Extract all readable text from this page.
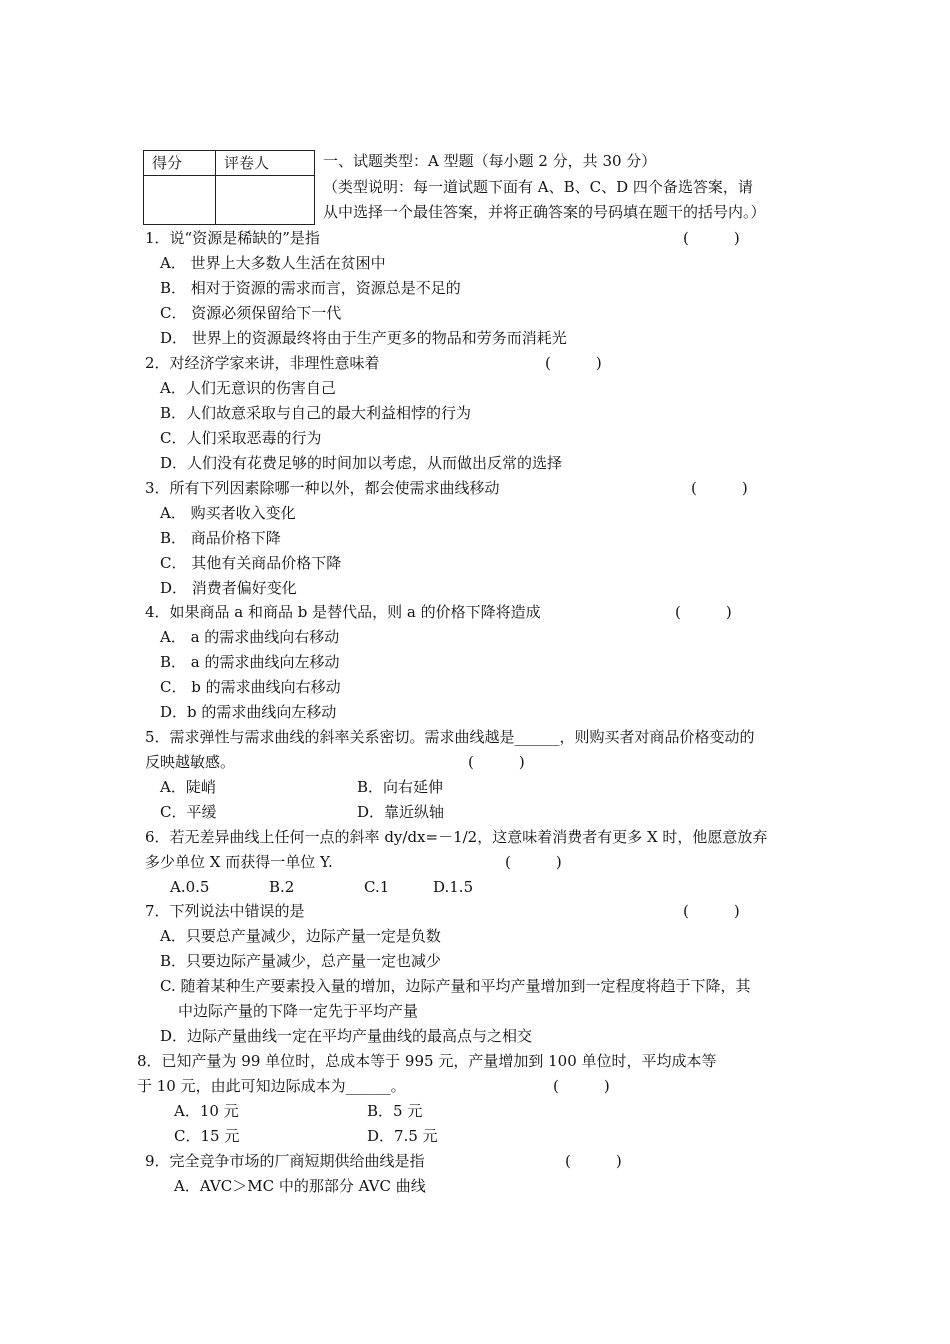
得分	评卷人
		一、试题类型：A 型题（每小题 2 分，共 30 分）
（类型说明：每一道试题下面有 A、B、C、D 四个备选答案，请
从中选择一个最佳答案，并将正确答案的号码填在题干的括号内。）
1．说“资源是稀缺的”是指	(　　　)
A． 世界上大多数人生活在贫困中
B． 相对于资源的需求而言，资源总是不足的
C． 资源必须保留给下一代
D． 世界上的资源最终将由于生产更多的物品和劳务而消耗光
2．对经济学家来讲，非理性意味着	(　　　)
A．人们无意识的伤害自己
B．人们故意采取与自己的最大利益相悖的行为
C．人们采取恶毒的行为
D．人们没有花费足够的时间加以考虑，从而做出反常的选择
3．所有下列因素除哪一种以外，都会使需求曲线移动	(　　　)
A． 购买者收入变化
B． 商品价格下降
C． 其他有关商品价格下降
D． 消费者偏好变化
4．如果商品 a 和商品 b 是替代品，则 a 的价格下降将造成	(　　　)
A． a 的需求曲线向右移动
B． a 的需求曲线向左移动
C． b 的需求曲线向右移动
D．b 的需求曲线向左移动
5．需求弹性与需求曲线的斜率关系密切。需求曲线越是______，则购买者对商品价格变动的
反映越敏感。	(　　　)
A．陡峭	B．向右延伸
C．平缓	D．靠近纵轴
6．若无差异曲线上任何一点的斜率 dy/dx=－1/2，这意味着消费者有更多 X 时，他愿意放弃
多少单位 X 而获得一单位 Y.	(　　　)
A.0.5	B.2	C.1	D.1.5
7．下列说法中错误的是	(　　　)
A．只要总产量减少，边际产量一定是负数
B．只要边际产量减少，总产量一定也减少
C. 随着某种生产要素投入量的增加，边际产量和平均产量增加到一定程度将趋于下降，其
中边际产量的下降一定先于平均产量
D．边际产量曲线一定在平均产量曲线的最高点与之相交
8．已知产量为 99 单位时，总成本等于 995 元，产量增加到 100 单位时，平均成本等
于 10 元，由此可知边际成本为______。	(　　　)
A．10 元	B．5 元
C．15 元	D．7.5 元
9．完全竞争市场的厂商短期供给曲线是指	(　　　)
A．AVC＞MC 中的那部分 AVC 曲线
